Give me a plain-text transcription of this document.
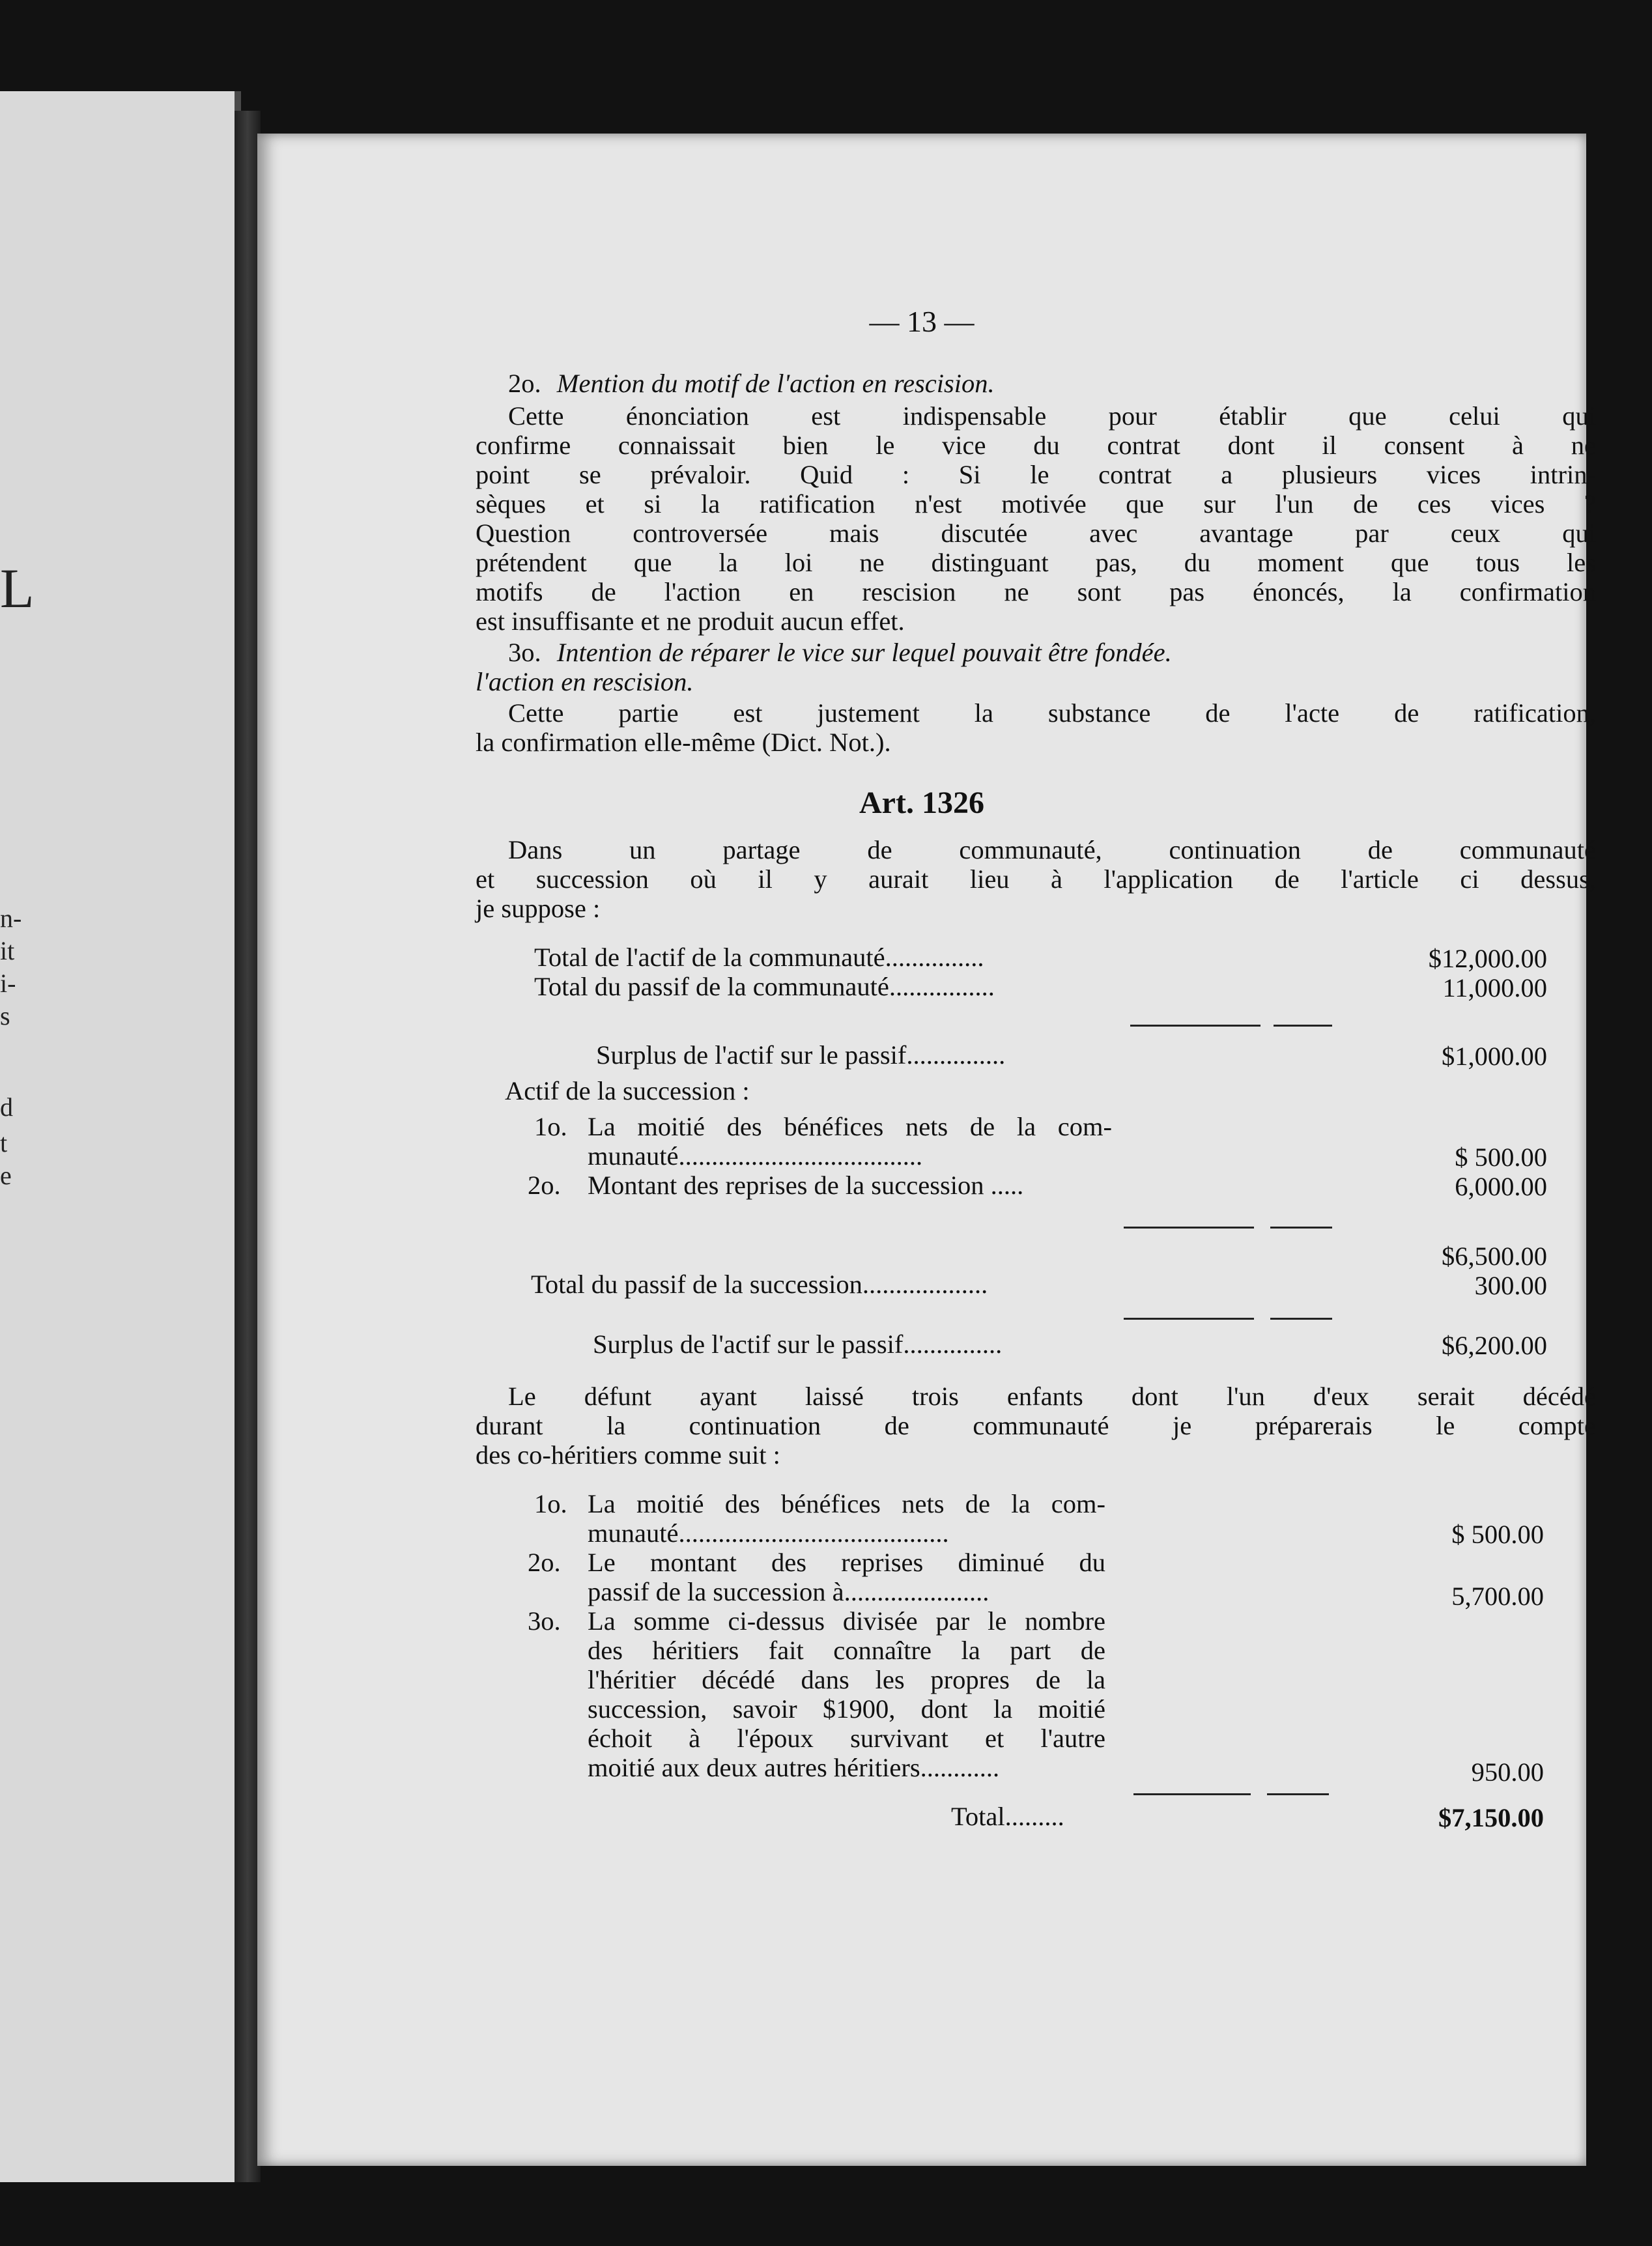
L
n-
it
i-
s
d
t
e
— 13 —
2o. Mention du motif de l'action en rescision.
Cette énonciation est indispensable pour établir que celui qui
confirme connaissait bien le vice du contrat dont il consent à ne
point se prévaloir. Quid : Si le contrat a plusieurs vices intrin-
sèques et si la ratification n'est motivée que sur l'un de ces vices ?
Question controversée mais discutée avec avantage par ceux qui
prétendent que la loi ne distinguant pas, du moment que tous les
motifs de l'action en rescision ne sont pas énoncés, la confirmation
est insuffisante et ne produit aucun effet.
3o. Intention de réparer le vice sur lequel pouvait être fondée.
l'action en rescision.
Cette partie est justement la substance de l'acte de ratification,
la confirmation elle-même (Dict. Not.).
Art. 1326
Dans un partage de communauté, continuation de communauté
et succession où il y aurait lieu à l'application de l'article ci dessus,
je suppose :
Total de l'actif de la communauté...............	$12,000.00
Total du passif de la communauté................	11,000.00
Surplus de l'actif sur le passif...............	$1,000.00
Actif de la succession :
1o. La moitié des bénéfices nets de la com-
munauté.....................................	$ 500.00
2o. Montant des reprises de la succession .....	6,000.00
$6,500.00
Total du passif de la succession...................	300.00
Surplus de l'actif sur le passif...............	$6,200.00
Le défunt ayant laissé trois enfants dont l'un d'eux serait décédé
durant la continuation de communauté je préparerais le compte
des co-héritiers comme suit :
1o. La moitié des bénéfices nets de la com-
munauté.........................................	$ 500.00
2o. Le montant des reprises diminué du
passif de la succession à......................	5,700.00
3o. La somme ci-dessus divisée par le nombre
des héritiers fait connaître la part de
l'héritier décédé dans les propres de la
succession, savoir $1900, dont la moitié
échoit à l'époux survivant et l'autre
moitié aux deux autres héritiers............	950.00
Total.........	$7,150.00
